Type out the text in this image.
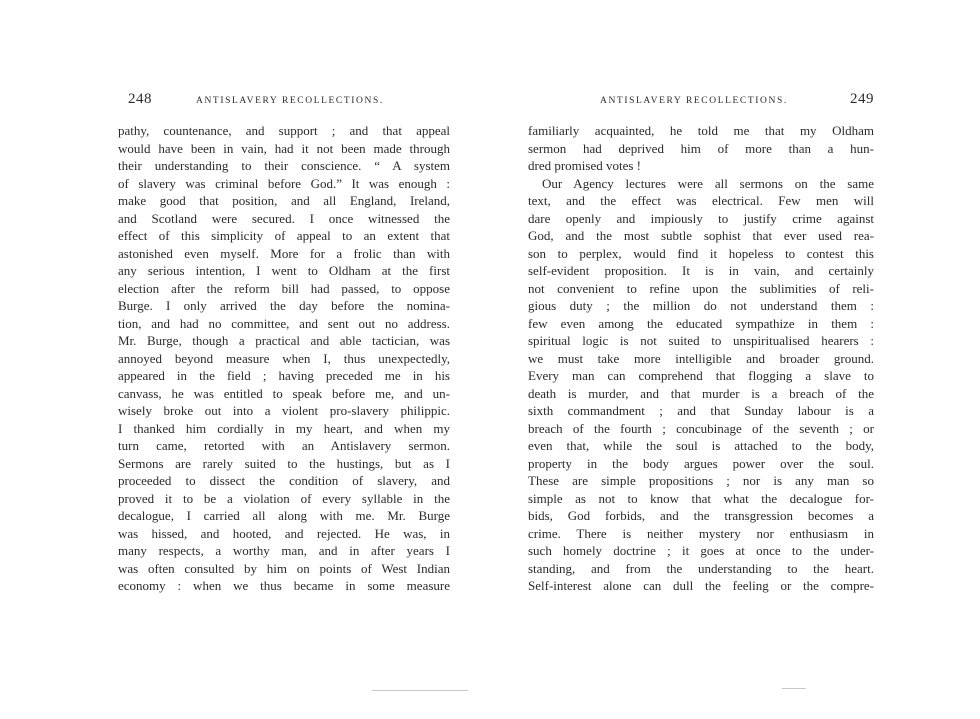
248	ANTISLAVERY RECOLLECTIONS.
pathy, countenance, and support ; and that appeal
would have been in vain, had it not been made through
their understanding to their conscience. “ A system
of slavery was criminal before God.” It was enough :
make good that position, and all England, Ireland,
and Scotland were secured. I once witnessed the
effect of this simplicity of appeal to an extent that
astonished even myself. More for a frolic than with
any serious intention, I went to Oldham at the first
election after the reform bill had passed, to oppose
Burge. I only arrived the day before the nomina-
tion, and had no committee, and sent out no address.
Mr. Burge, though a practical and able tactician, was
annoyed beyond measure when I, thus unexpectedly,
appeared in the field ; having preceded me in his
canvass, he was entitled to speak before me, and un-
wisely broke out into a violent pro-slavery philippic.
I thanked him cordially in my heart, and when my
turn came, retorted with an Antislavery sermon.
Sermons are rarely suited to the hustings, but as I
proceeded to dissect the condition of slavery, and
proved it to be a violation of every syllable in the
decalogue, I carried all along with me. Mr. Burge
was hissed, and hooted, and rejected. He was, in
many respects, a worthy man, and in after years I
was often consulted by him on points of West Indian
economy : when we thus became in some measure
ANTISLAVERY RECOLLECTIONS.	249
familiarly acquainted, he told me that my Oldham
sermon had deprived him of more than a hun-
dred promised votes !
Our Agency lectures were all sermons on the same
text, and the effect was electrical. Few men will
dare openly and impiously to justify crime against
God, and the most subtle sophist that ever used rea-
son to perplex, would find it hopeless to contest this
self-evident proposition. It is in vain, and certainly
not convenient to refine upon the sublimities of reli-
gious duty ; the million do not understand them :
few even among the educated sympathize in them :
spiritual logic is not suited to unspiritualised hearers :
we must take more intelligible and broader ground.
Every man can comprehend that flogging a slave to
death is murder, and that murder is a breach of the
sixth commandment ; and that Sunday labour is a
breach of the fourth ; concubinage of the seventh ; or
even that, while the soul is attached to the body,
property in the body argues power over the soul.
These are simple propositions ; nor is any man so
simple as not to know that what the decalogue for-
bids, God forbids, and the transgression becomes a
crime. There is neither mystery nor enthusiasm in
such homely doctrine ; it goes at once to the under-
standing, and from the understanding to the heart.
Self-interest alone can dull the feeling or the compre-
